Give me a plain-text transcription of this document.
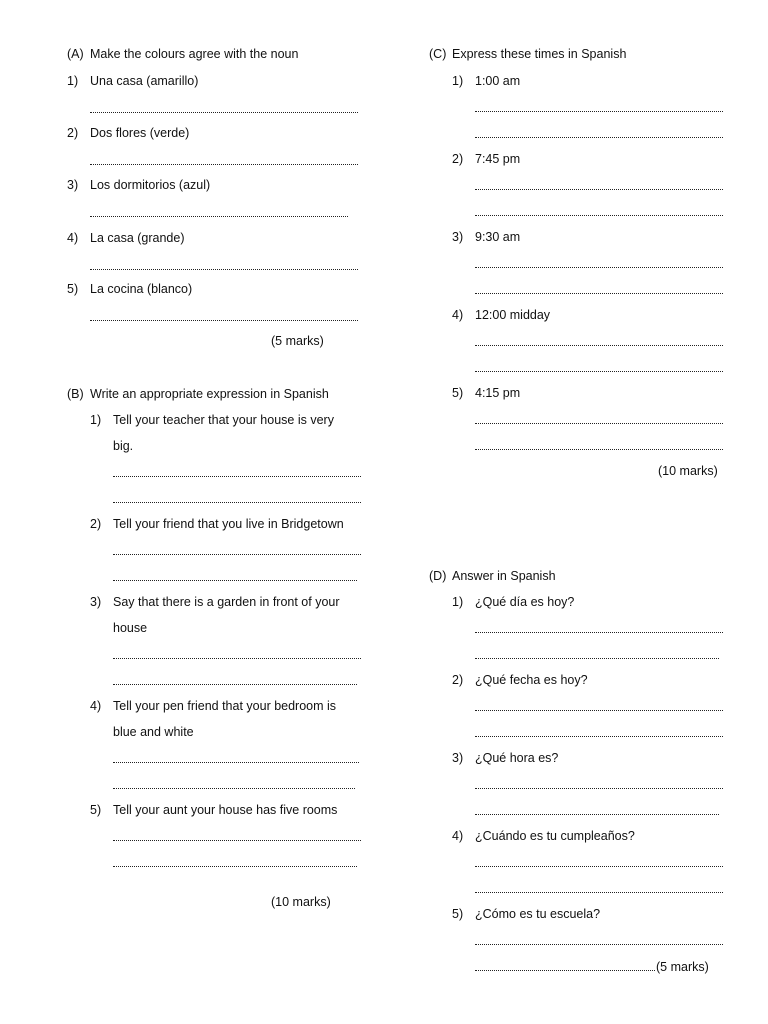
(A) Make the colours agree with the noun
1) Una casa (amarillo)
2) Dos flores (verde)
3) Los dormitorios (azul)
4) La casa (grande)
5) La cocina (blanco)
(5 marks)
(B) Write an appropriate expression in Spanish
1) Tell your teacher that your house is very
big.
2) Tell your friend that you live in Bridgetown
3) Say that there is a garden in front of your
house
4) Tell your pen friend that your bedroom is
blue and white
5) Tell your aunt your house has five rooms
(10 marks)
(C) Express these times in Spanish
1) 1:00 am
2) 7:45 pm
3) 9:30 am
4) 12:00 midday
5) 4:15 pm
(10 marks)
(D) Answer in Spanish
1) ¿Qué día es hoy?
2) ¿Qué fecha es hoy?
3) ¿Qué hora es?
4) ¿Cuándo es tu cumpleaños?
5) ¿Cómo es tu escuela?
(5 marks)
